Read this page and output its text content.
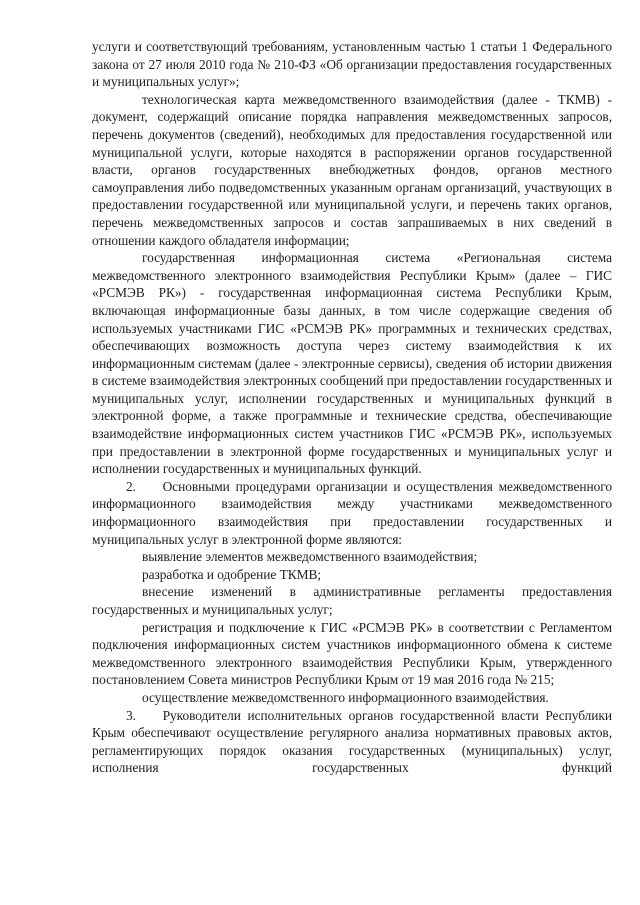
услуги и соответствующий требованиям, установленным частью 1 статьи 1 Федерального закона от 27 июля 2010 года № 210-ФЗ «Об организации предоставления государственных и муниципальных услуг»;

технологическая карта межведомственного взаимодействия (далее - ТКМВ) - документ, содержащий описание порядка направления межведомственных запросов, перечень документов (сведений), необходимых для предоставления государственной или муниципальной услуги, которые находятся в распоряжении органов государственной власти, органов государственных внебюджетных фондов, органов местного самоуправления либо подведомственных указанным органам организаций, участвующих в предоставлении государственной или муниципальной услуги, и перечень таких органов, перечень межведомственных запросов и состав запрашиваемых в них сведений в отношении каждого обладателя информации;

государственная информационная система «Региональная система межведомственного электронного взаимодействия Республики Крым» (далее – ГИС «РСМЭВ РК») - государственная информационная система Республики Крым, включающая информационные базы данных, в том числе содержащие сведения об используемых участниками ГИС «РСМЭВ РК» программных и технических средствах, обеспечивающих возможность доступа через систему взаимодействия к их информационным системам (далее - электронные сервисы), сведения об истории движения в системе взаимодействия электронных сообщений при предоставлении государственных и муниципальных услуг, исполнении государственных и муниципальных функций в электронной форме, а также программные и технические средства, обеспечивающие взаимодействие информационных систем участников ГИС «РСМЭВ РК», используемых при предоставлении в электронной форме государственных и муниципальных услуг и исполнении государственных и муниципальных функций.

2.  Основными процедурами организации и осуществления межведомственного информационного взаимодействия между участниками межведомственного информационного взаимодействия при предоставлении государственных и муниципальных услуг в электронной форме являются:

выявление элементов межведомственного взаимодействия;

разработка и одобрение ТКМВ;

внесение изменений в административные регламенты предоставления государственных и муниципальных услуг;

регистрация и подключение к ГИС «РСМЭВ РК» в соответствии с Регламентом подключения информационных систем участников информационного обмена к системе межведомственного электронного взаимодействия Республики Крым, утвержденного постановлением Совета министров Республики Крым от 19 мая 2016 года № 215;

осуществление межведомственного информационного взаимодействия.

3.  Руководители исполнительных органов государственной власти Республики Крым обеспечивают осуществление регулярного анализа нормативных правовых актов, регламентирующих порядок оказания государственных (муниципальных) услуг, исполнения государственных функций
